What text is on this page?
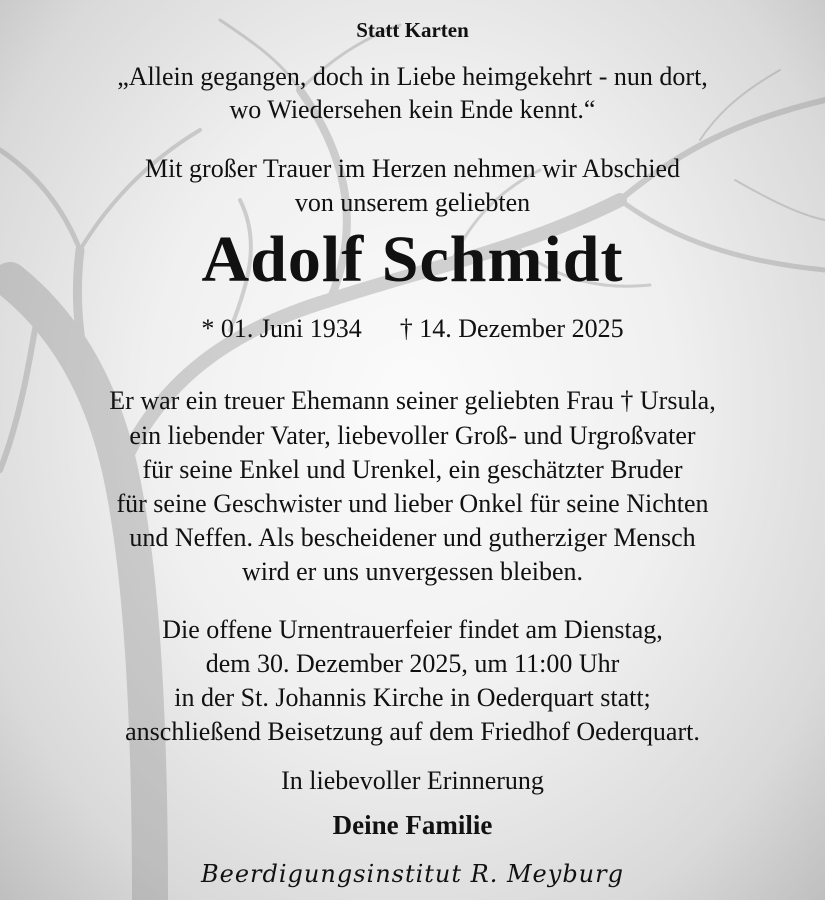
Statt Karten
„Allein gegangen, doch in Liebe heimgekehrt - nun dort,
wo Wiedersehen kein Ende kennt.“
Mit großer Trauer im Herzen nehmen wir Abschied
von unserem geliebten
Adolf Schmidt
* 01. Juni 1934 † 14. Dezember 2025
Er war ein treuer Ehemann seiner geliebten Frau † Ursula,
ein liebender Vater, liebevoller Groß- und Urgroßvater
für seine Enkel und Urenkel, ein geschätzter Bruder
für seine Geschwister und lieber Onkel für seine Nichten
und Neffen. Als bescheidener und gutherziger Mensch
wird er uns unvergessen bleiben.
Die offene Urnentrauerfeier findet am Dienstag,
dem 30. Dezember 2025, um 11:00 Uhr
in der St. Johannis Kirche in Oederquart statt;
anschließend Beisetzung auf dem Friedhof Oederquart.
In liebevoller Erinnerung
Deine Familie
Beerdigungsinstitut R. Meyburg
